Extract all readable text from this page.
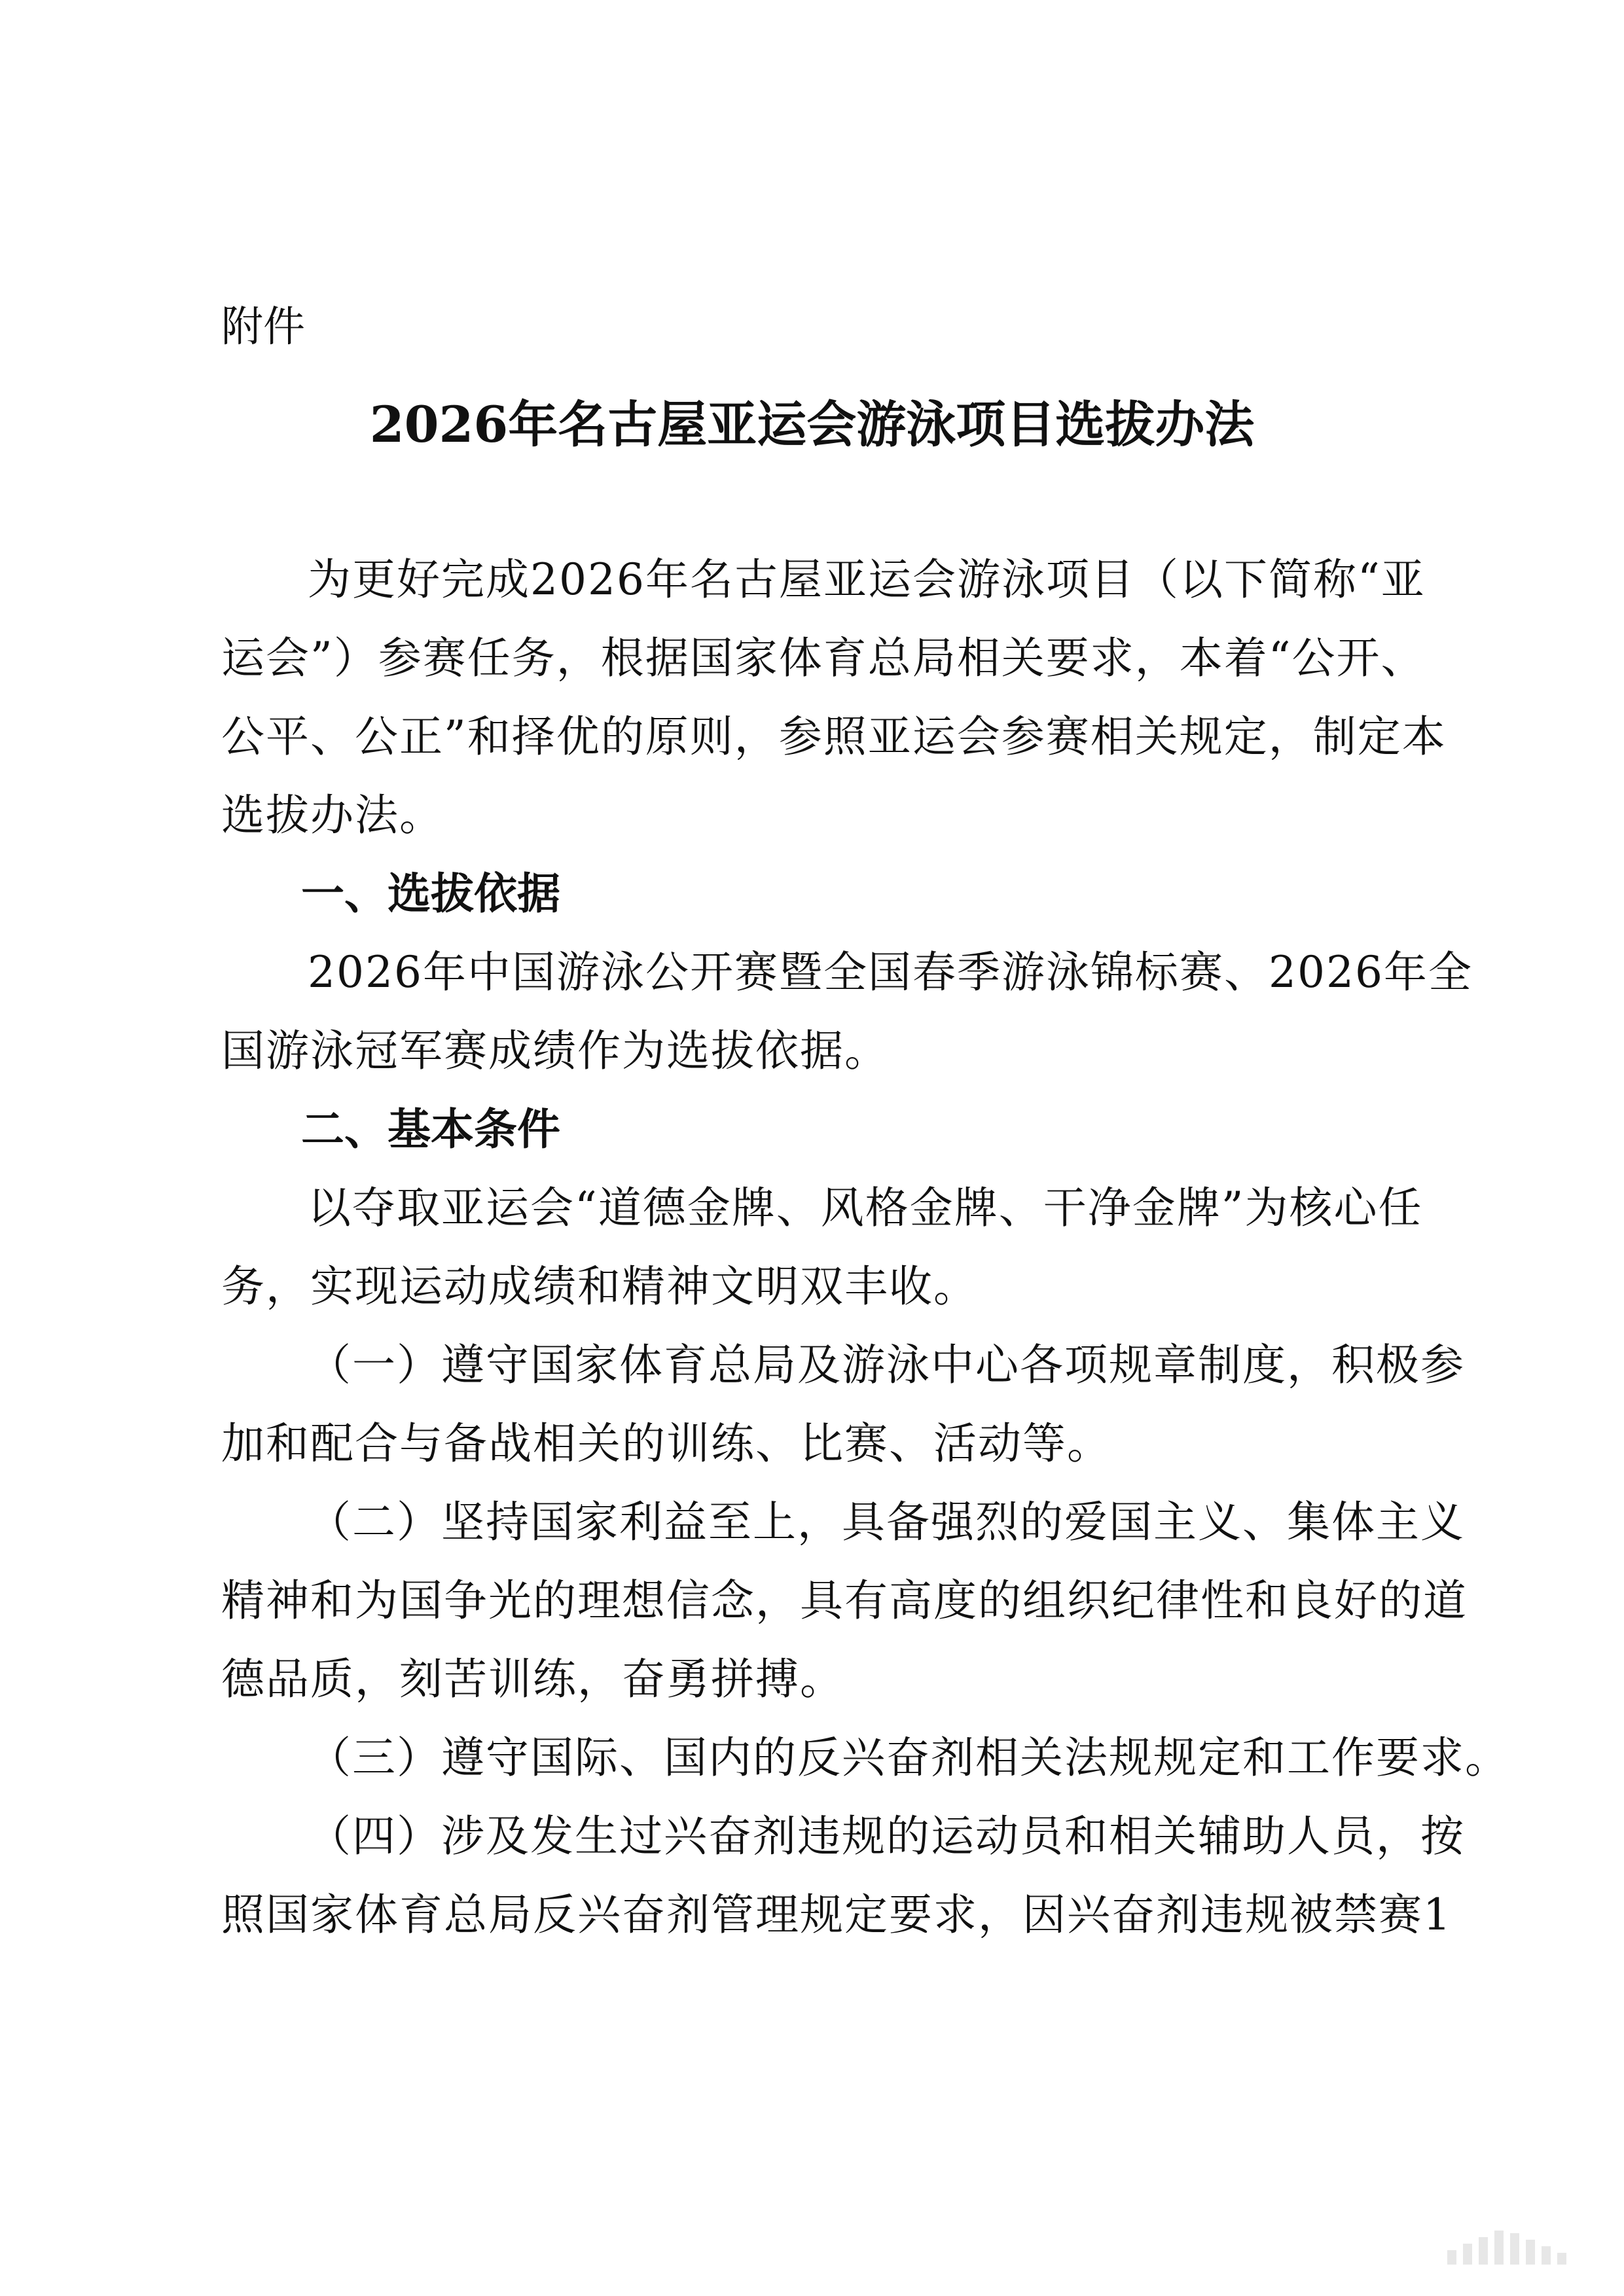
附件
2026年名古屋亚运会游泳项目选拔办法
为更好完成2026年名古屋亚运会游泳项目（以下简称“亚
运会”）参赛任务，根据国家体育总局相关要求，本着“公开、
公平、公正”和择优的原则，参照亚运会参赛相关规定，制定本
选拔办法。
一、选拔依据
2026年中国游泳公开赛暨全国春季游泳锦标赛、2026年全
国游泳冠军赛成绩作为选拔依据。
二、基本条件
以夺取亚运会“道德金牌、风格金牌、干净金牌”为核心任
务，实现运动成绩和精神文明双丰收。
（一）遵守国家体育总局及游泳中心各项规章制度，积极参
加和配合与备战相关的训练、比赛、活动等。
（二）坚持国家利益至上，具备强烈的爱国主义、集体主义
精神和为国争光的理想信念，具有高度的组织纪律性和良好的道
德品质，刻苦训练，奋勇拼搏。
（三）遵守国际、国内的反兴奋剂相关法规规定和工作要求。
（四）涉及发生过兴奋剂违规的运动员和相关辅助人员，按
照国家体育总局反兴奋剂管理规定要求，因兴奋剂违规被禁赛1
